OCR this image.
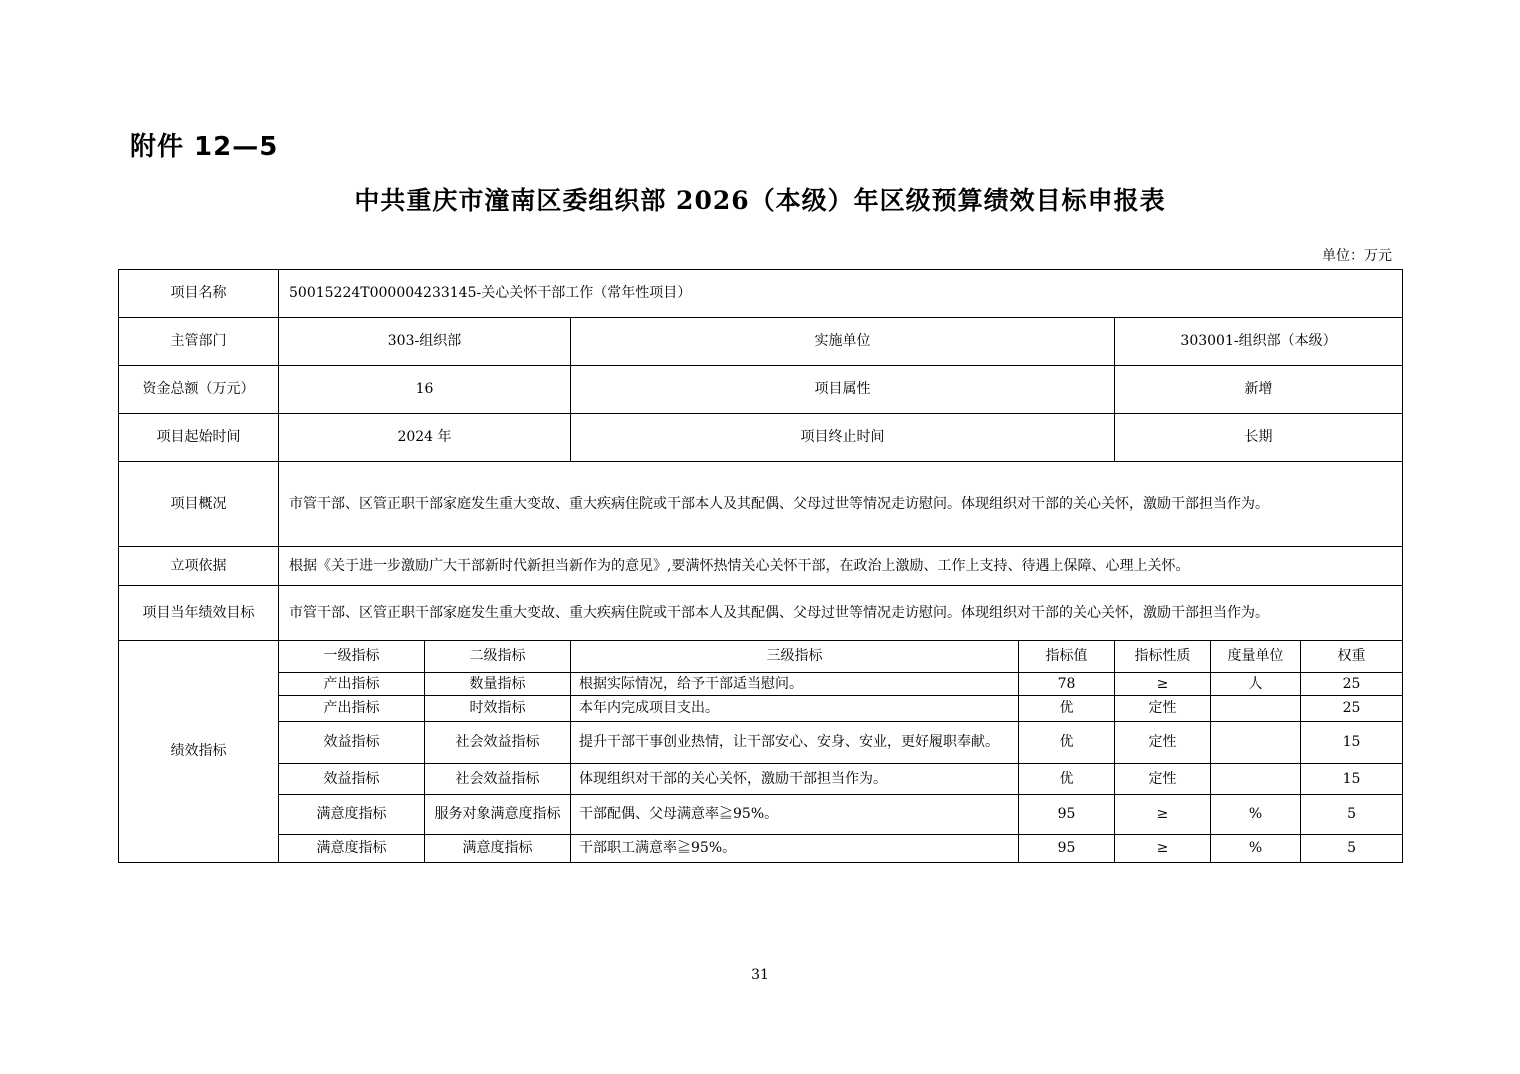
附件 12—5
中共重庆市潼南区委组织部 2026（本级）年区级预算绩效目标申报表
单位：万元
项目名称	50015224T000004233145-关心关怀干部工作（常年性项目）						
主管部门	303-组织部		实施单位		303001-组织部（本级）		
资金总额（万元）	16		项目属性		新增		
项目起始时间	2024 年		项目终止时间		长期		
项目概况	市管干部、区管正职干部家庭发生重大变故、重大疾病住院或干部本人及其配偶、父母过世等情况走访慰问。体现组织对干部的关心关怀，激励干部担当作为。						
立项依据	根据《关于进一步激励广大干部新时代新担当新作为的意见》,要满怀热情关心关怀干部，在政治上激励、工作上支持、待遇上保障、心理上关怀。						
项目当年绩效目标	市管干部、区管正职干部家庭发生重大变故、重大疾病住院或干部本人及其配偶、父母过世等情况走访慰问。体现组织对干部的关心关怀，激励干部担当作为。						
绩效指标	一级指标	二级指标	三级指标	指标值	指标性质	度量单位	权重
	产出指标	数量指标	根据实际情况，给予干部适当慰问。	78	≥	人	25
	产出指标	时效指标	本年内完成项目支出。	优	定性		25
	效益指标	社会效益指标	提升干部干事创业热情，让干部安心、安身、安业，更好履职奉献。	优	定性		15
	效益指标	社会效益指标	体现组织对干部的关心关怀，激励干部担当作为。	优	定性		15
	满意度指标	服务对象满意度指标	干部配偶、父母满意率≧95%。	95	≥	%	5
	满意度指标	满意度指标	干部职工满意率≧95%。	95	≥	%	5
31
